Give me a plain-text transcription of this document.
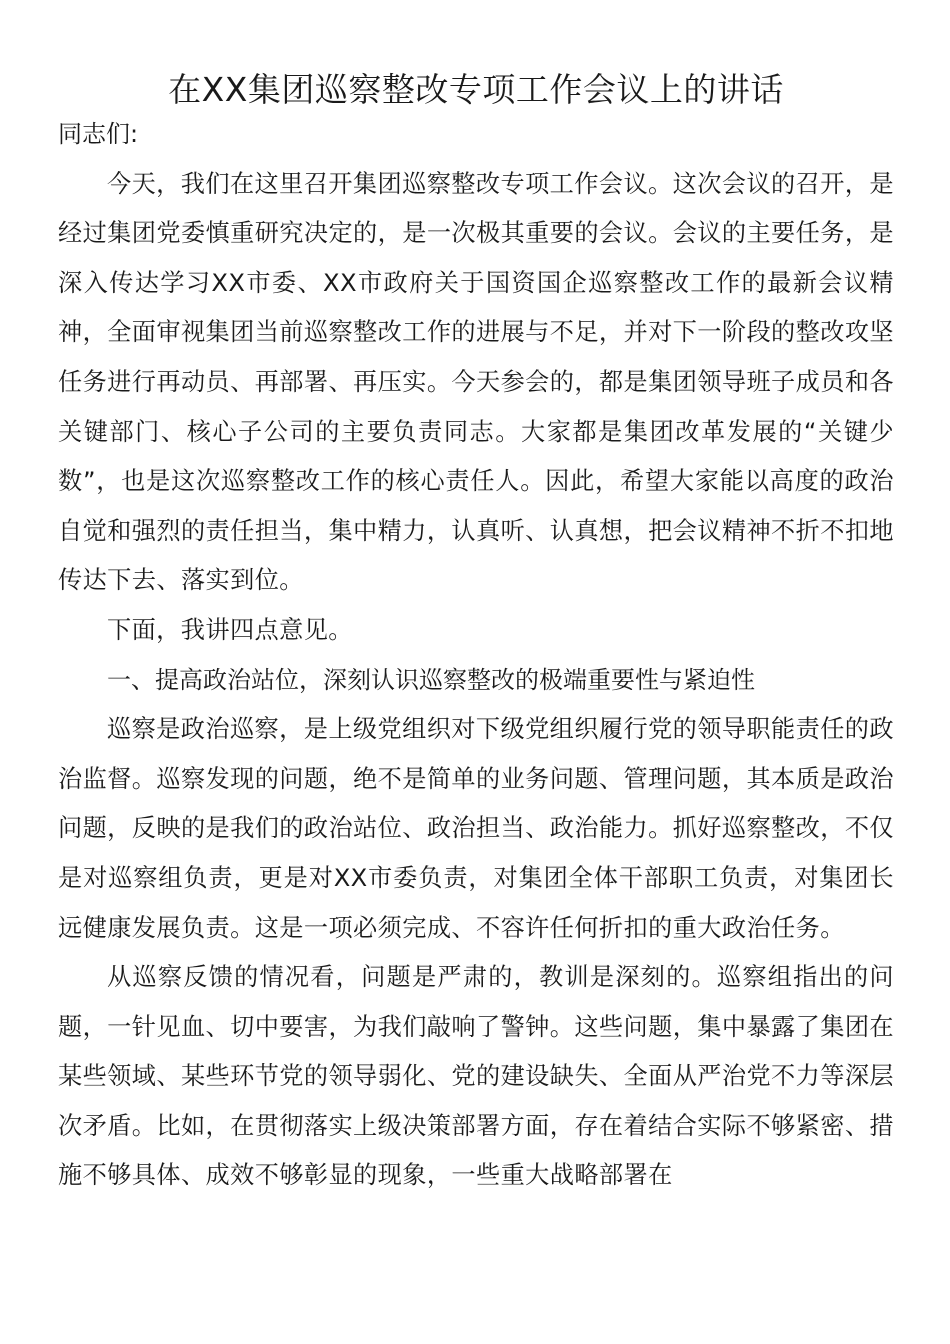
在XX集团巡察整改专项工作会议上的讲话

同志们:

今天，我们在这里召开集团巡察整改专项工作会议。这次会议的召开，是经过集团党委慎重研究决定的，是一次极其重要的会议。会议的主要任务，是深入传达学习XX市委、XX市政府关于国资国企巡察整改工作的最新会议精神，全面审视集团当前巡察整改工作的进展与不足，并对下一阶段的整改攻坚任务进行再动员、再部署、再压实。今天参会的，都是集团领导班子成员和各关键部门、核心子公司的主要负责同志。大家都是集团改革发展的“关键少数”，也是这次巡察整改工作的核心责任人。因此，希望大家能以高度的政治自觉和强烈的责任担当，集中精力，认真听、认真想，把会议精神不折不扣地传达下去、落实到位。

下面，我讲四点意见。

一、提高政治站位，深刻认识巡察整改的极端重要性与紧迫性

巡察是政治巡察，是上级党组织对下级党组织履行党的领导职能责任的政治监督。巡察发现的问题，绝不是简单的业务问题、管理问题，其本质是政治问题，反映的是我们的政治站位、政治担当、政治能力。抓好巡察整改，不仅是对巡察组负责，更是对XX市委负责，对集团全体干部职工负责，对集团长远健康发展负责。这是一项必须完成、不容许任何折扣的重大政治任务。

从巡察反馈的情况看，问题是严肃的，教训是深刻的。巡察组指出的问题，一针见血、切中要害，为我们敲响了警钟。这些问题，集中暴露了集团在某些领域、某些环节党的领导弱化、党的建设缺失、全面从严治党不力等深层次矛盾。比如，在贯彻落实上级决策部署方面，存在着结合实际不够紧密、措施不够具体、成效不够彰显的现象，一些重大战略部署在
